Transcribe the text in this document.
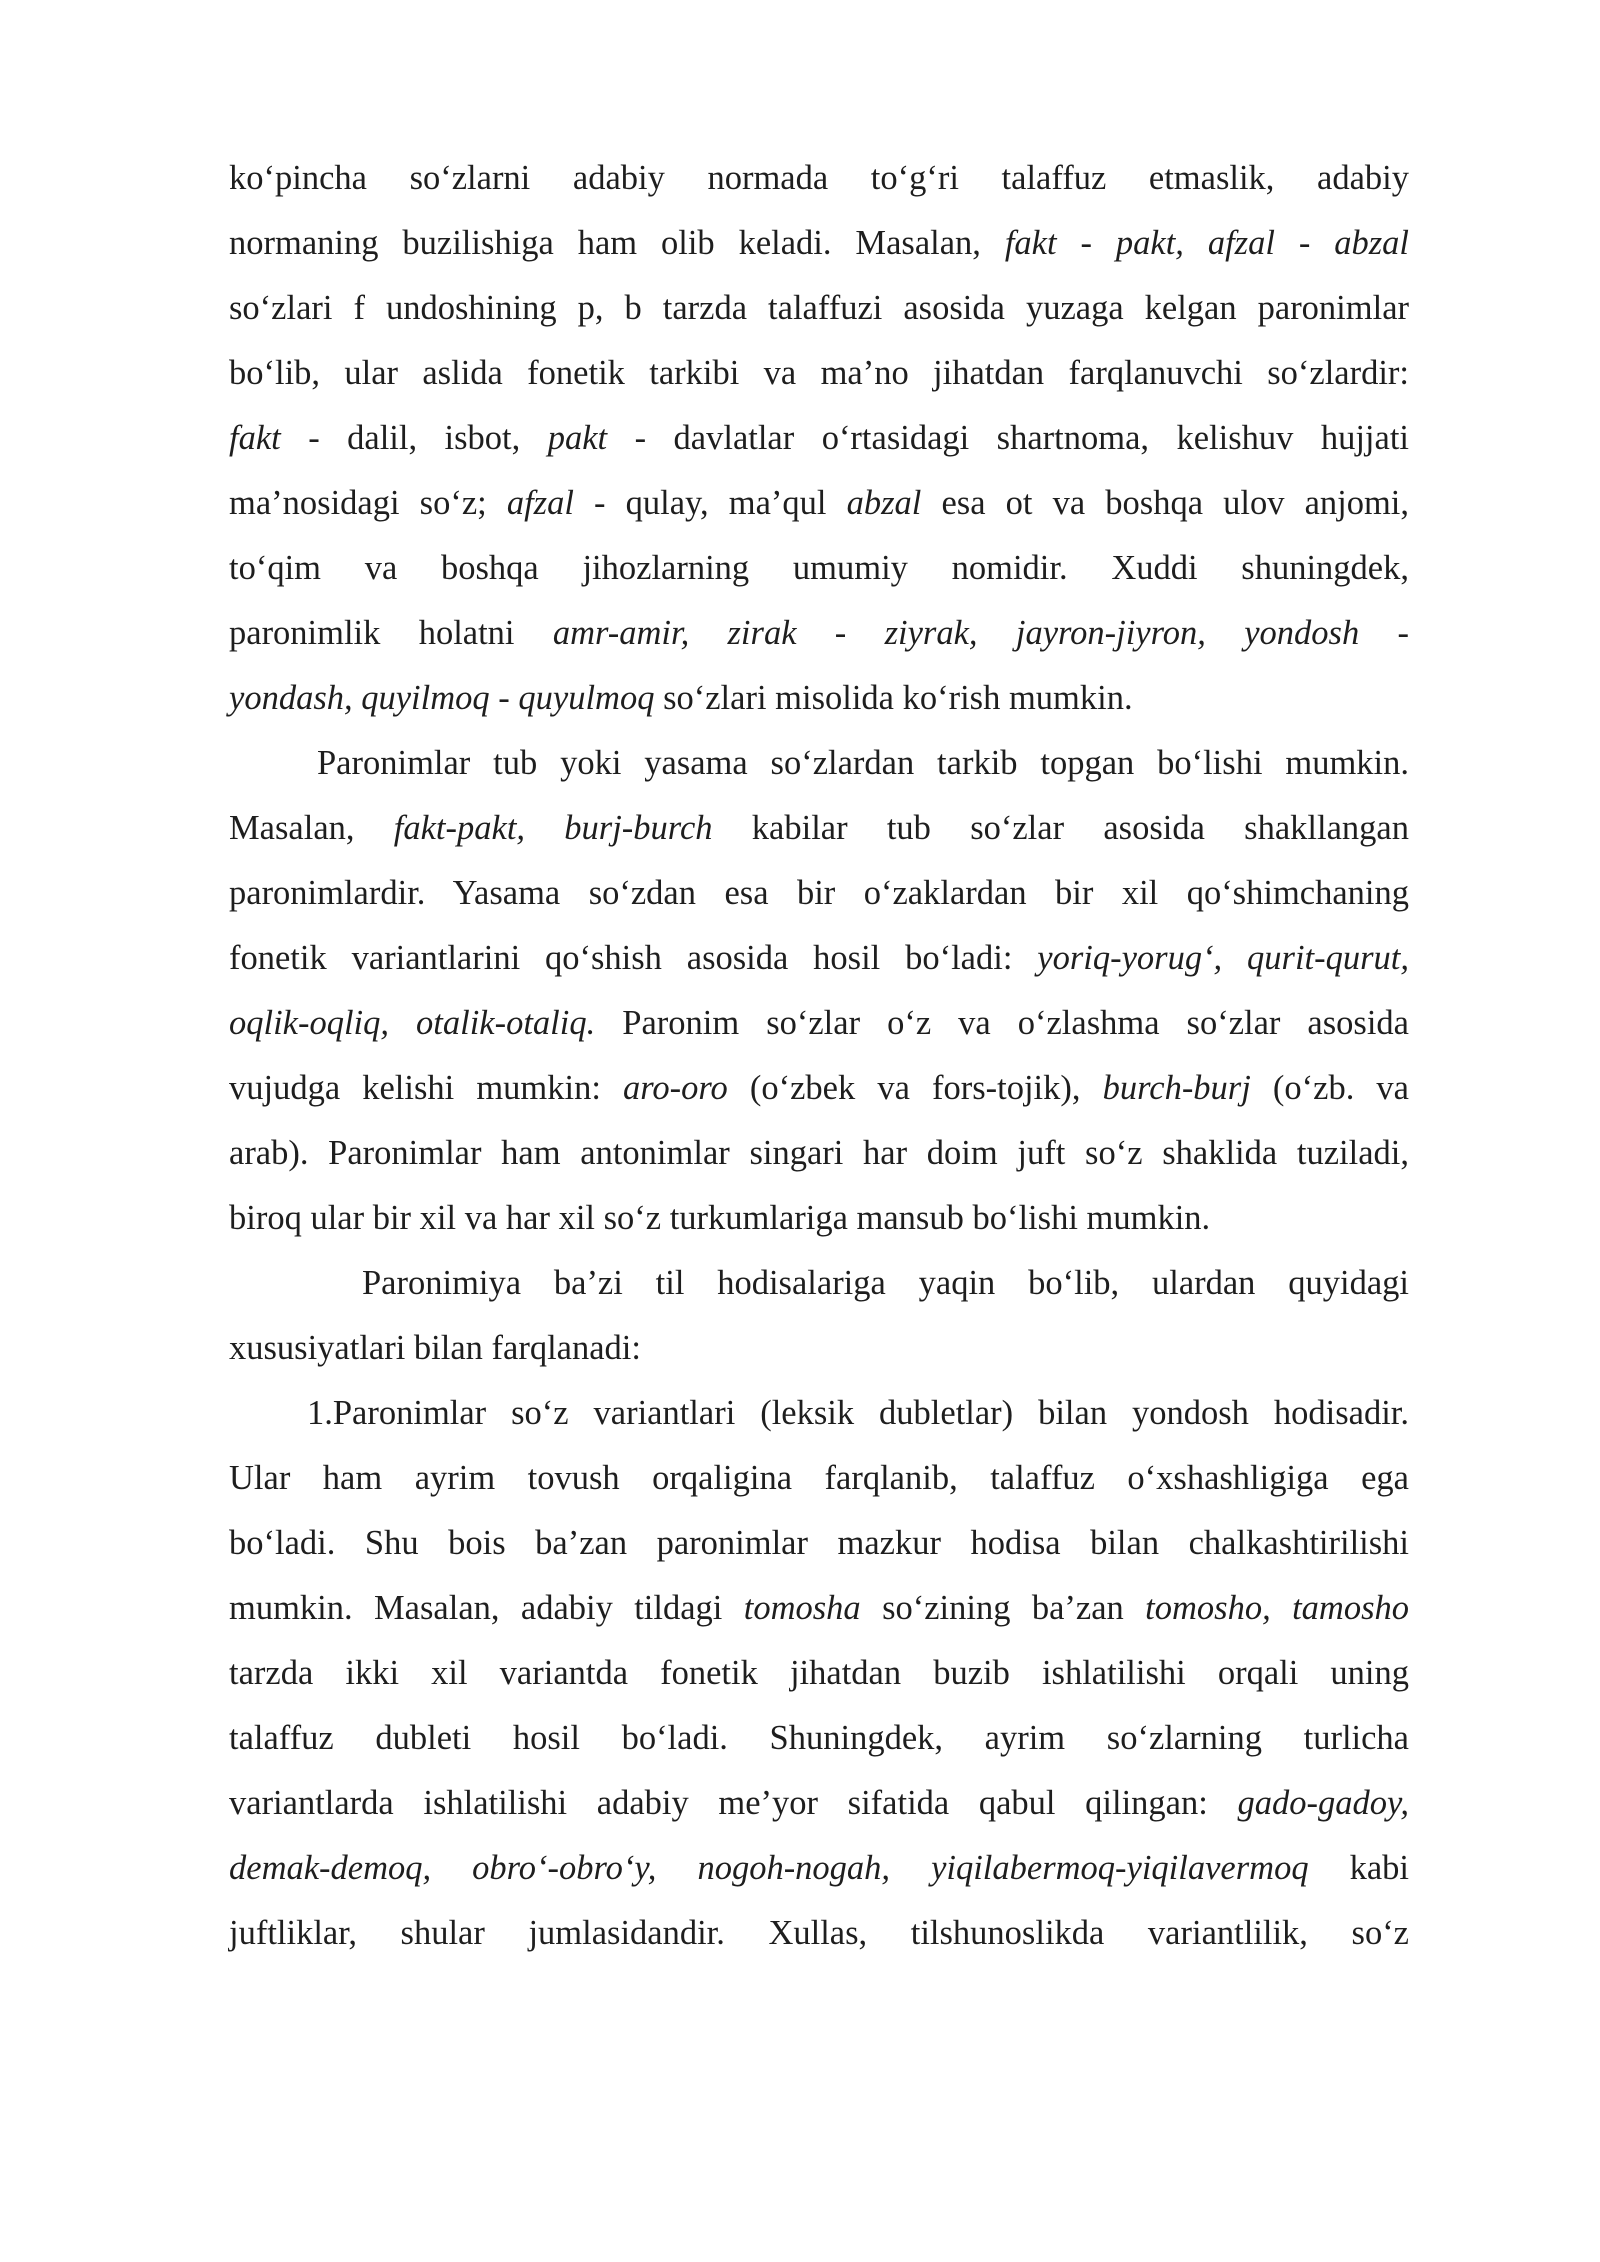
ko‘pincha so‘zlarni adabiy normada to‘g‘ri talaffuz etmaslik, adabiy
normaning buzilishiga ham olib keladi. Masalan, fakt - pakt, afzal - abzal
so‘zlari f undoshining p, b tarzda talaffuzi asosida yuzaga kelgan paronimlar
bo‘lib, ular aslida fonetik tarkibi va ma’no jihatdan farqlanuvchi so‘zlardir:
fakt - dalil, isbot, pakt - davlatlar o‘rtasidagi shartnoma, kelishuv hujjati
ma’nosidagi so‘z; afzal - qulay, ma’qul abzal esa ot va boshqa ulov anjomi,
to‘qim va boshqa jihozlarning umumiy nomidir. Xuddi shuningdek,
paronimlik holatni amr-amir, zirak - ziyrak, jayron-jiyron, yondosh -
yondash, quyilmoq - quyulmoq so‘zlari misolida ko‘rish mumkin.
Paronimlar tub yoki yasama so‘zlardan tarkib topgan bo‘lishi mumkin.
Masalan, fakt-pakt, burj-burch kabilar tub so‘zlar asosida shakllangan
paronimlardir. Yasama so‘zdan esa bir o‘zaklardan bir xil qo‘shimchaning
fonetik variantlarini qo‘shish asosida hosil bo‘ladi: yoriq-yorug‘, qurit-qurut,
oqlik-oqliq, otalik-otaliq. Paronim so‘zlar o‘z va o‘zlashma so‘zlar asosida
vujudga kelishi mumkin: aro-oro (o‘zbek va fors-tojik), burch-burj (o‘zb. va
arab). Paronimlar ham antonimlar singari har doim juft so‘z shaklida tuziladi,
biroq ular bir xil va har xil so‘z turkumlariga mansub bo‘lishi mumkin.
Paronimiya ba’zi til hodisalariga yaqin bo‘lib, ulardan quyidagi
xususiyatlari bilan farqlanadi:
1.Paronimlar so‘z variantlari (leksik dubletlar) bilan yondosh hodisadir.
Ular ham ayrim tovush orqaligina farqlanib, talaffuz o‘xshashligiga ega
bo‘ladi. Shu bois ba’zan paronimlar mazkur hodisa bilan chalkashtirilishi
mumkin. Masalan, adabiy tildagi tomosha so‘zining ba’zan tomosho, tamosho
tarzda ikki xil variantda fonetik jihatdan buzib ishlatilishi orqali uning
talaffuz dubleti hosil bo‘ladi. Shuningdek, ayrim so‘zlarning turlicha
variantlarda ishlatilishi adabiy me’yor sifatida qabul qilingan: gado-gadoy,
demak-demoq, obro‘-obro‘y, nogoh-nogah, yiqilabermoq-yiqilavermoq kabi
juftliklar, shular jumlasidandir. Xullas, tilshunoslikda variantlilik, so‘z
